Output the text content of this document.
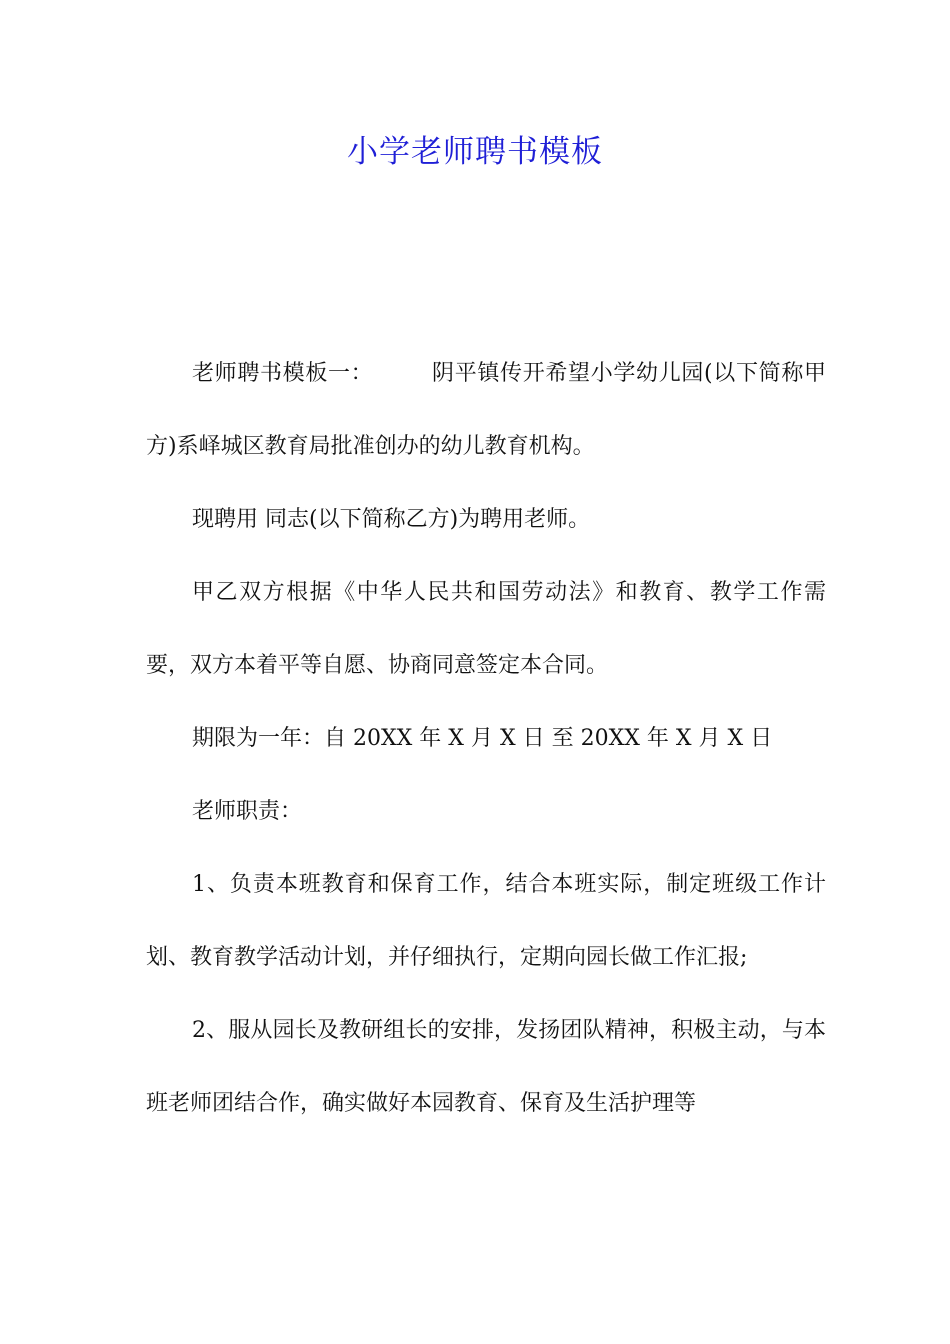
小学老师聘书模板

老师聘书模板一：	阴平镇传开希望小学幼儿园(以下简称甲方)系峄城区教育局批准创办的幼儿教育机构。

现聘用 同志(以下简称乙方)为聘用老师。

甲乙双方根据《中华人民共和国劳动法》和教育、教学工作需要，双方本着平等自愿、协商同意签定本合同。

期限为一年：自 20XX 年 X 月 X 日 至 20XX 年 X 月 X 日

老师职责：

1、负责本班教育和保育工作，结合本班实际，制定班级工作计划、教育教学活动计划，并仔细执行，定期向园长做工作汇报;

2、服从园长及教研组长的安排，发扬团队精神，积极主动，与本班老师团结合作，确实做好本园教育、保育及生活护理等
